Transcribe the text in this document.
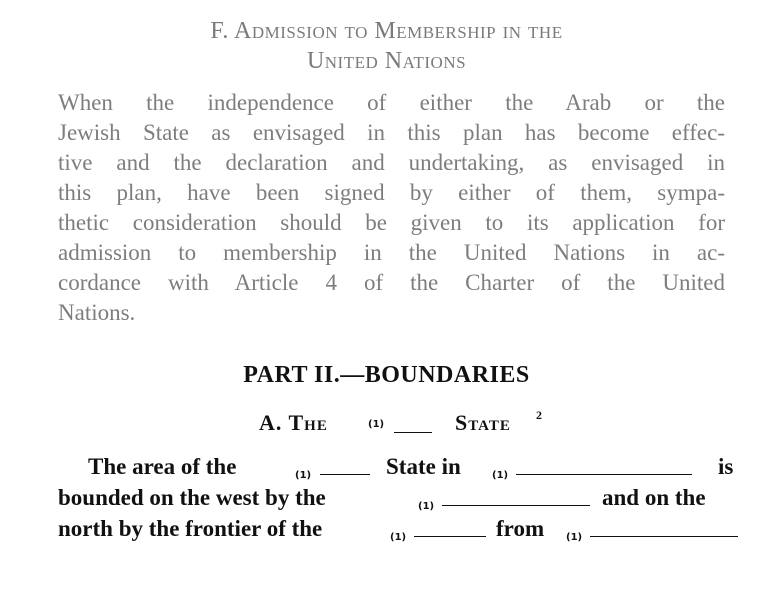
F. Admission to Membership in the
United Nations
When the independence of either the Arab or the
Jewish State as envisaged in this plan has become effec-
tive and the declaration and undertaking, as envisaged in
this plan, have been signed by either of them, sympa-
thetic consideration should be given to its application for
admission to membership in the United Nations in ac-
cordance with Article 4 of the Charter of the United
Nations.
PART II.—BOUNDARIES
A. The	(1)	State 2
The area of the	(1)	State in	(1)	is
bounded on the west by the	(1)	and on the
north by the frontier of the	(1)	from (1)
